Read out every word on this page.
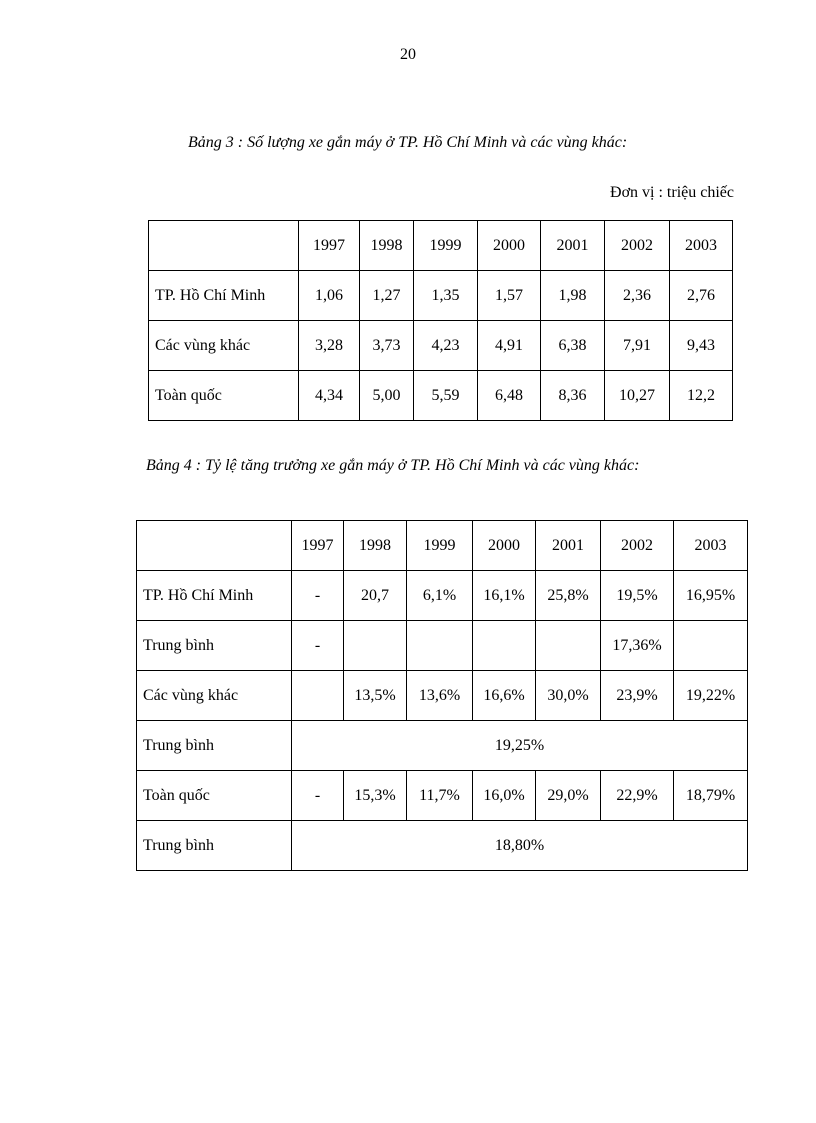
20
Bảng 3 : Số lượng xe gắn máy ở TP. Hồ Chí Minh và các vùng khác:
Đơn vị : triệu chiếc
	1997	1998	1999	2000	2001	2002	2003
TP. Hồ Chí Minh	1,06	1,27	1,35	1,57	1,98	2,36	2,76
Các vùng khác	3,28	3,73	4,23	4,91	6,38	7,91	9,43
Toàn quốc	4,34	5,00	5,59	6,48	8,36	10,27	12,2
Bảng 4 : Tỷ lệ tăng trưởng xe gắn máy ở TP. Hồ Chí Minh và các vùng khác:
	1997	1998	1999	2000	2001	2002	2003
TP. Hồ Chí Minh	-	20,7	6,1%	16,1%	25,8%	19,5%	16,95%
Trung bình	-					17,36%	
Các vùng khác		13,5%	13,6%	16,6%	30,0%	23,9%	19,22%
Trung bình	19,25%						
Toàn quốc	-	15,3%	11,7%	16,0%	29,0%	22,9%	18,79%
Trung bình	18,80%						
